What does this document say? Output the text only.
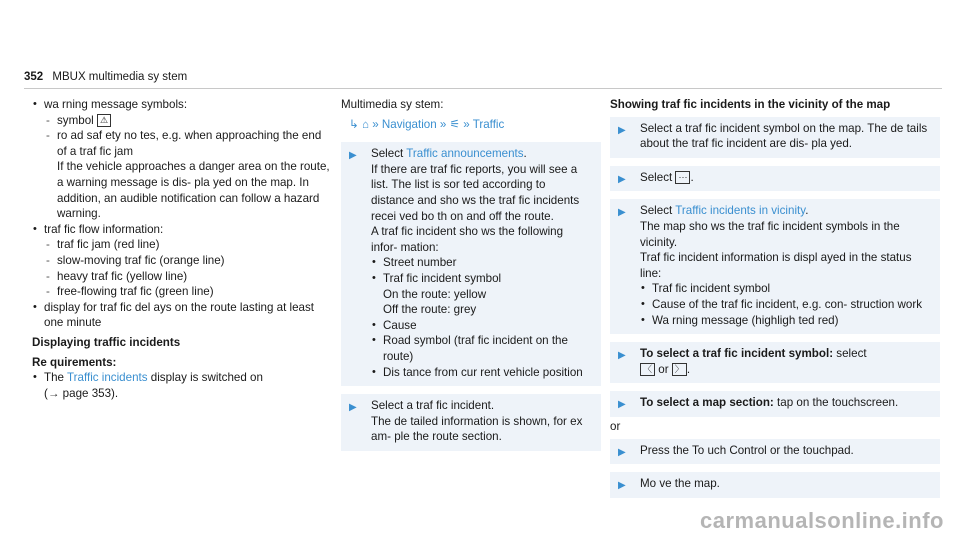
352 MBUX multimedia sy stem
• wa rning message symbols:
- symbol ⚠
- ro ad saf ety no tes, e.g. when approaching the end of a traf fic jam
If the vehicle approaches a danger area on the route, a warning message is dis- pla yed on the map. In addition, an audible notification can follow a hazard warning.
• traf fic flow information:
- traf fic jam (red line)
- slow-moving traf fic (orange line)
- heavy traf fic (yellow line)
- free-flowing traf fic (green line)
• display for traf fic del ays on the route lasting at least one minute
Displaying traffic incidents
Re quirements:
• The Traffic incidents display is switched on
(→ page 353).
Multimedia sy stem:
↳ ⌂ » Navigation » ⚟ » Traffic
▶ Select Traffic announcements.
If there are traf fic reports, you will see a list. The list is sor ted according to distance and sho ws the traf fic incidents recei ved bo th on and off the route.
A traf fic incident sho ws the following infor- mation:
• Street number
• Traf fic incident symbol
On the route: yellow
Off the route: grey
• Cause
• Road symbol (traf fic incident on the route)
• Dis tance from cur rent vehicle position
▶ Select a traf fic incident.
The de tailed information is shown, for ex am- ple the route section.
Showing traf fic incidents in the vicinity of the map
▶ Select a traf fic incident symbol on the map. The de tails about the traf fic incident are dis- pla yed.
▶ Select ··· .
▶ Select Traffic incidents in vicinity.
The map sho ws the traf fic incident symbols in the vicinity.
Traf fic incident information is displ ayed in the status line:
• Traf fic incident symbol
• Cause of the traf fic incident, e.g. con- struction work
• Wa rning message (highligh ted red)
▶ To select a traf fic incident symbol: select
〈 or 〉 .
▶ To select a map section: tap on the touchscreen.
or
▶ Press the To uch Control or the touchpad.
▶ Mo ve the map.
carmanualsonline.info
